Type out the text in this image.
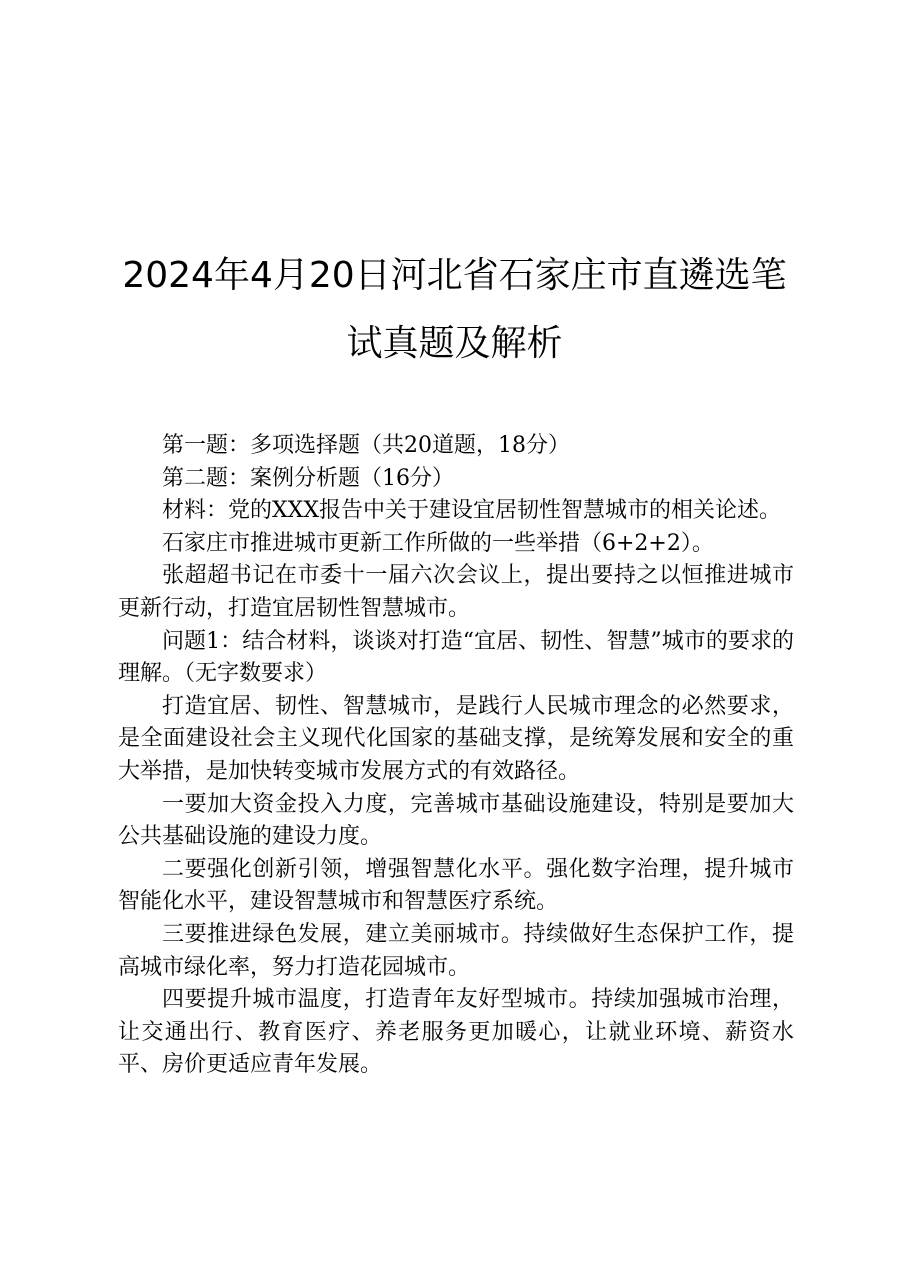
2024年4月20日河北省石家庄市直遴选笔
试真题及解析

第一题：多项选择题（共20道题，18分）

第二题：案例分析题（16分）

材料：党的XXX报告中关于建设宜居韧性智慧城市的相关论述。

石家庄市推进城市更新工作所做的一些举措（6+2+2）。

张超超书记在市委十一届六次会议上，提出要持之以恒推进城市更新行动，打造宜居韧性智慧城市。

问题1：结合材料，谈谈对打造“宜居、韧性、智慧”城市的要求的理解。（无字数要求）

打造宜居、韧性、智慧城市，是践行人民城市理念的必然要求，是全面建设社会主义现代化国家的基础支撑，是统筹发展和安全的重大举措，是加快转变城市发展方式的有效路径。

一要加大资金投入力度，完善城市基础设施建设，特别是要加大公共基础设施的建设力度。

二要强化创新引领，增强智慧化水平。强化数字治理，提升城市智能化水平，建设智慧城市和智慧医疗系统。

三要推进绿色发展，建立美丽城市。持续做好生态保护工作，提高城市绿化率，努力打造花园城市。

四要提升城市温度，打造青年友好型城市。持续加强城市治理，让交通出行、教育医疗、养老服务更加暖心，让就业环境、薪资水平、房价更适应青年发展。
